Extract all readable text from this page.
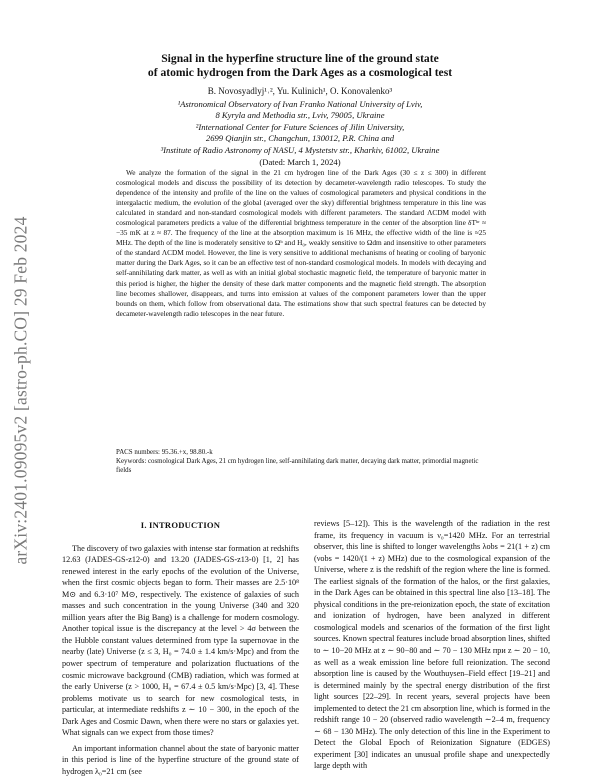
arXiv:2401.09095v2 [astro-ph.CO] 29 Feb 2024
Signal in the hyperfine structure line of the ground state
of atomic hydrogen from the Dark Ages as a cosmological test
B. Novosyadlyj¹˒², Yu. Kulinich¹, O. Konovalenko³
¹Astronomical Observatory of Ivan Franko National University of Lviv,
8 Kyryla and Methodia str., Lviv, 79005, Ukraine
²International Center for Future Sciences of Jilin University,
2699 Qianjin str., Changchun, 130012, P.R. China and
³Institute of Radio Astronomy of NASU, 4 Mystetstv str., Kharkiv, 61002, Ukraine
(Dated: March 1, 2024)
We analyze the formation of the signal in the 21 cm hydrogen line of the Dark Ages (30 ≤ z ≤ 300) in different cosmological models and discuss the possibility of its detection by decameter-wavelength radio telescopes. To study the dependence of the intensity and profile of the line on the values of cosmological parameters and physical conditions in the intergalactic medium, the evolution of the global (averaged over the sky) differential brightness temperature in this line was calculated in standard and non-standard cosmological models with different parameters. The standard ΛCDM model with cosmological parameters predicts a value of the differential brightness temperature in the center of the absorption line δTᵇʳ ≈ −35 mK at z ≈ 87. The frequency of the line at the absorption maximum is 16 MHz, the effective width of the line is ≈25 MHz. The depth of the line is moderately sensitive to Ωᵇ and H₀, weakly sensitive to Ωdm and insensitive to other parameters of the standard ΛCDM model. However, the line is very sensitive to additional mechanisms of heating or cooling of baryonic matter during the Dark Ages, so it can be an effective test of non-standard cosmological models. In models with decaying and self-annihilating dark matter, as well as with an initial global stochastic magnetic field, the temperature of baryonic matter in this period is higher, the higher the density of these dark matter components and the magnetic field strength. The absorption line becomes shallower, disappears, and turns into emission at values of the component parameters lower than the upper bounds on them, which follow from observational data. The estimations show that such spectral features can be detected by decameter-wavelength radio telescopes in the near future.
PACS numbers: 95.36.+x, 98.80.-k
Keywords: cosmological Dark Ages, 21 cm hydrogen line, self-annihilating dark matter, decaying dark matter, primordial magnetic fields
I. INTRODUCTION

The discovery of two galaxies with intense star formation at redshifts 12.63 (JADES-GS-z12-0) and 13.20 (JADES-GS-z13-0) [1, 2] has renewed interest in the early epochs of the evolution of the Universe, when the first cosmic objects began to form. Their masses are 2.5·10⁸ M⊙ and 6.3·10⁷ M⊙, respectively. The existence of galaxies of such masses and such concentration in the young Universe (340 and 320 million years after the Big Bang) is a challenge for modern cosmology. Another topical issue is the discrepancy at the level > 4σ between the the Hubble constant values determined from type Ia supernovae in the nearby (late) Universe (z ≤ 3, H₀ = 74.0 ± 1.4 km/s·Mpc) and from the power spectrum of temperature and polarization fluctuations of the cosmic microwave background (CMB) radiation, which was formed at the early Universe (z > 1000, H₀ = 67.4 ± 0.5 km/s·Mpc) [3, 4]. These problems motivate us to search for new cosmological tests, in particular, at intermediate redshifts z ∼ 10 − 300, in the epoch of the Dark Ages and Cosmic Dawn, when there were no stars or galaxies yet. What signals can we expect from those times?

An important information channel about the state of baryonic matter in this period is line of the hyperfine structure of the ground state of hydrogen λ₀=21 cm (see

reviews [5–12]). This is the wavelength of the radiation in the rest frame, its frequency in vacuum is ν₀=1420 MHz. For an terrestrial observer, this line is shifted to longer wavelengths λobs = 21(1 + z) cm (νobs = 1420/(1 + z) MHz) due to the cosmological expansion of the Universe, where z is the redshift of the region where the line is formed. The earliest signals of the formation of the halos, or the first galaxies, in the Dark Ages can be obtained in this spectral line also [13–18]. The physical conditions in the pre-reionization epoch, the state of excitation and ionization of hydrogen, have been analyzed in different cosmological models and scenarios of the formation of the first light sources. Known spectral features include broad absorption lines, shifted to ∼ 10−20 MHz at z ∼ 90−80 and ∼ 70 − 130 MHz при z ∼ 20 − 10, as well as a weak emission line before full reionization. The second absorption line is caused by the Wouthuysen–Field effect [19–21] and is determined mainly by the spectral energy distribution of the first light sources [22–29]. In recent years, several projects have been implemented to detect the 21 cm absorption line, which is formed in the redshift range 10 − 20 (observed radio wavelength ∼2–4 m, frequency ∼ 68 − 130 MHz). The only detection of this line in the Experiment to Detect the Global Epoch of Reionization Signature (EDGES) experiment [30] indicates an unusual profile shape and unexpectedly large depth with
